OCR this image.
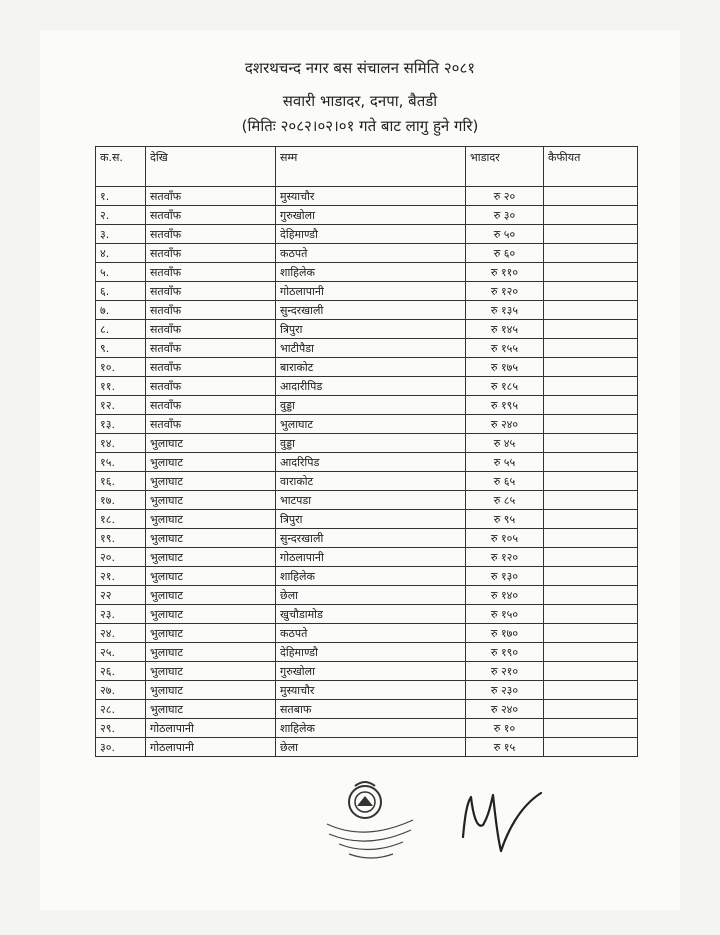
दशरथचन्द नगर बस संचालन समिति २०८१
सवारी भाडादर, दनपा, बैतडी
(मितिः २०८२।०२।०१ गते बाट लागु हुने गरि)
क.स.	देखि	सम्म	भाडादर	कैफीयत
१.	सतवाँफ	मुस्याचौर	रु २०	
२.	सतवाँफ	गुरुखोला	रु ३०	
३.	सतवाँफ	देहिमाण्डौ	रु ५०	
४.	सतवाँफ	कठपते	रु ६०	
५.	सतवाँफ	शाहिलेक	रु ११०	
६.	सतवाँफ	गोठलापानी	रु १२०	
७.	सतवाँफ	सुन्दरखाली	रु १३५	
८.	सतवाँफ	त्रिपुरा	रु १४५	
९.	सतवाँफ	भाटीपैडा	रु १५५	
१०.	सतवाँफ	बाराकोट	रु १७५	
११.	सतवाँफ	आदारीपिड	रु १८५	
१२.	सतवाँफ	वुड्डा	रु १९५	
१३.	सतवाँफ	भुलाघाट	रु २४०	
१४.	भुलाघाट	वुड्डा	रु ४५	
१५.	भुलाघाट	आदरिपिड	रु ५५	
१६.	भुलाघाट	वाराकोट	रु ६५	
१७.	भुलाघाट	भाटपडा	रु ८५	
१८.	भुलाघाट	त्रिपुरा	रु ९५	
१९.	भुलाघाट	सुन्दरखाली	रु १०५	
२०.	भुलाघाट	गोठलापानी	रु १२०	
२१.	भुलाघाट	शाहिलेक	रु १३०	
२२	भुलाघाट	छेला	रु १४०	
२३.	भुलाघाट	खुचौडामोड	रु १५०	
२४.	भुलाघाट	कठपते	रु १७०	
२५.	भुलाघाट	देहिमाण्डौ	रु १९०	
२६.	भुलाघाट	गुरुखोला	रु २१०	
२७.	भुलाघाट	मुस्याचौर	रु २३०	
२८.	भुलाघाट	सतबाफ	रु २४०	
२९.	गोठलापानी	शाहिलेक	रु १०	
३०.	गोठलापानी	छेला	रु १५	
